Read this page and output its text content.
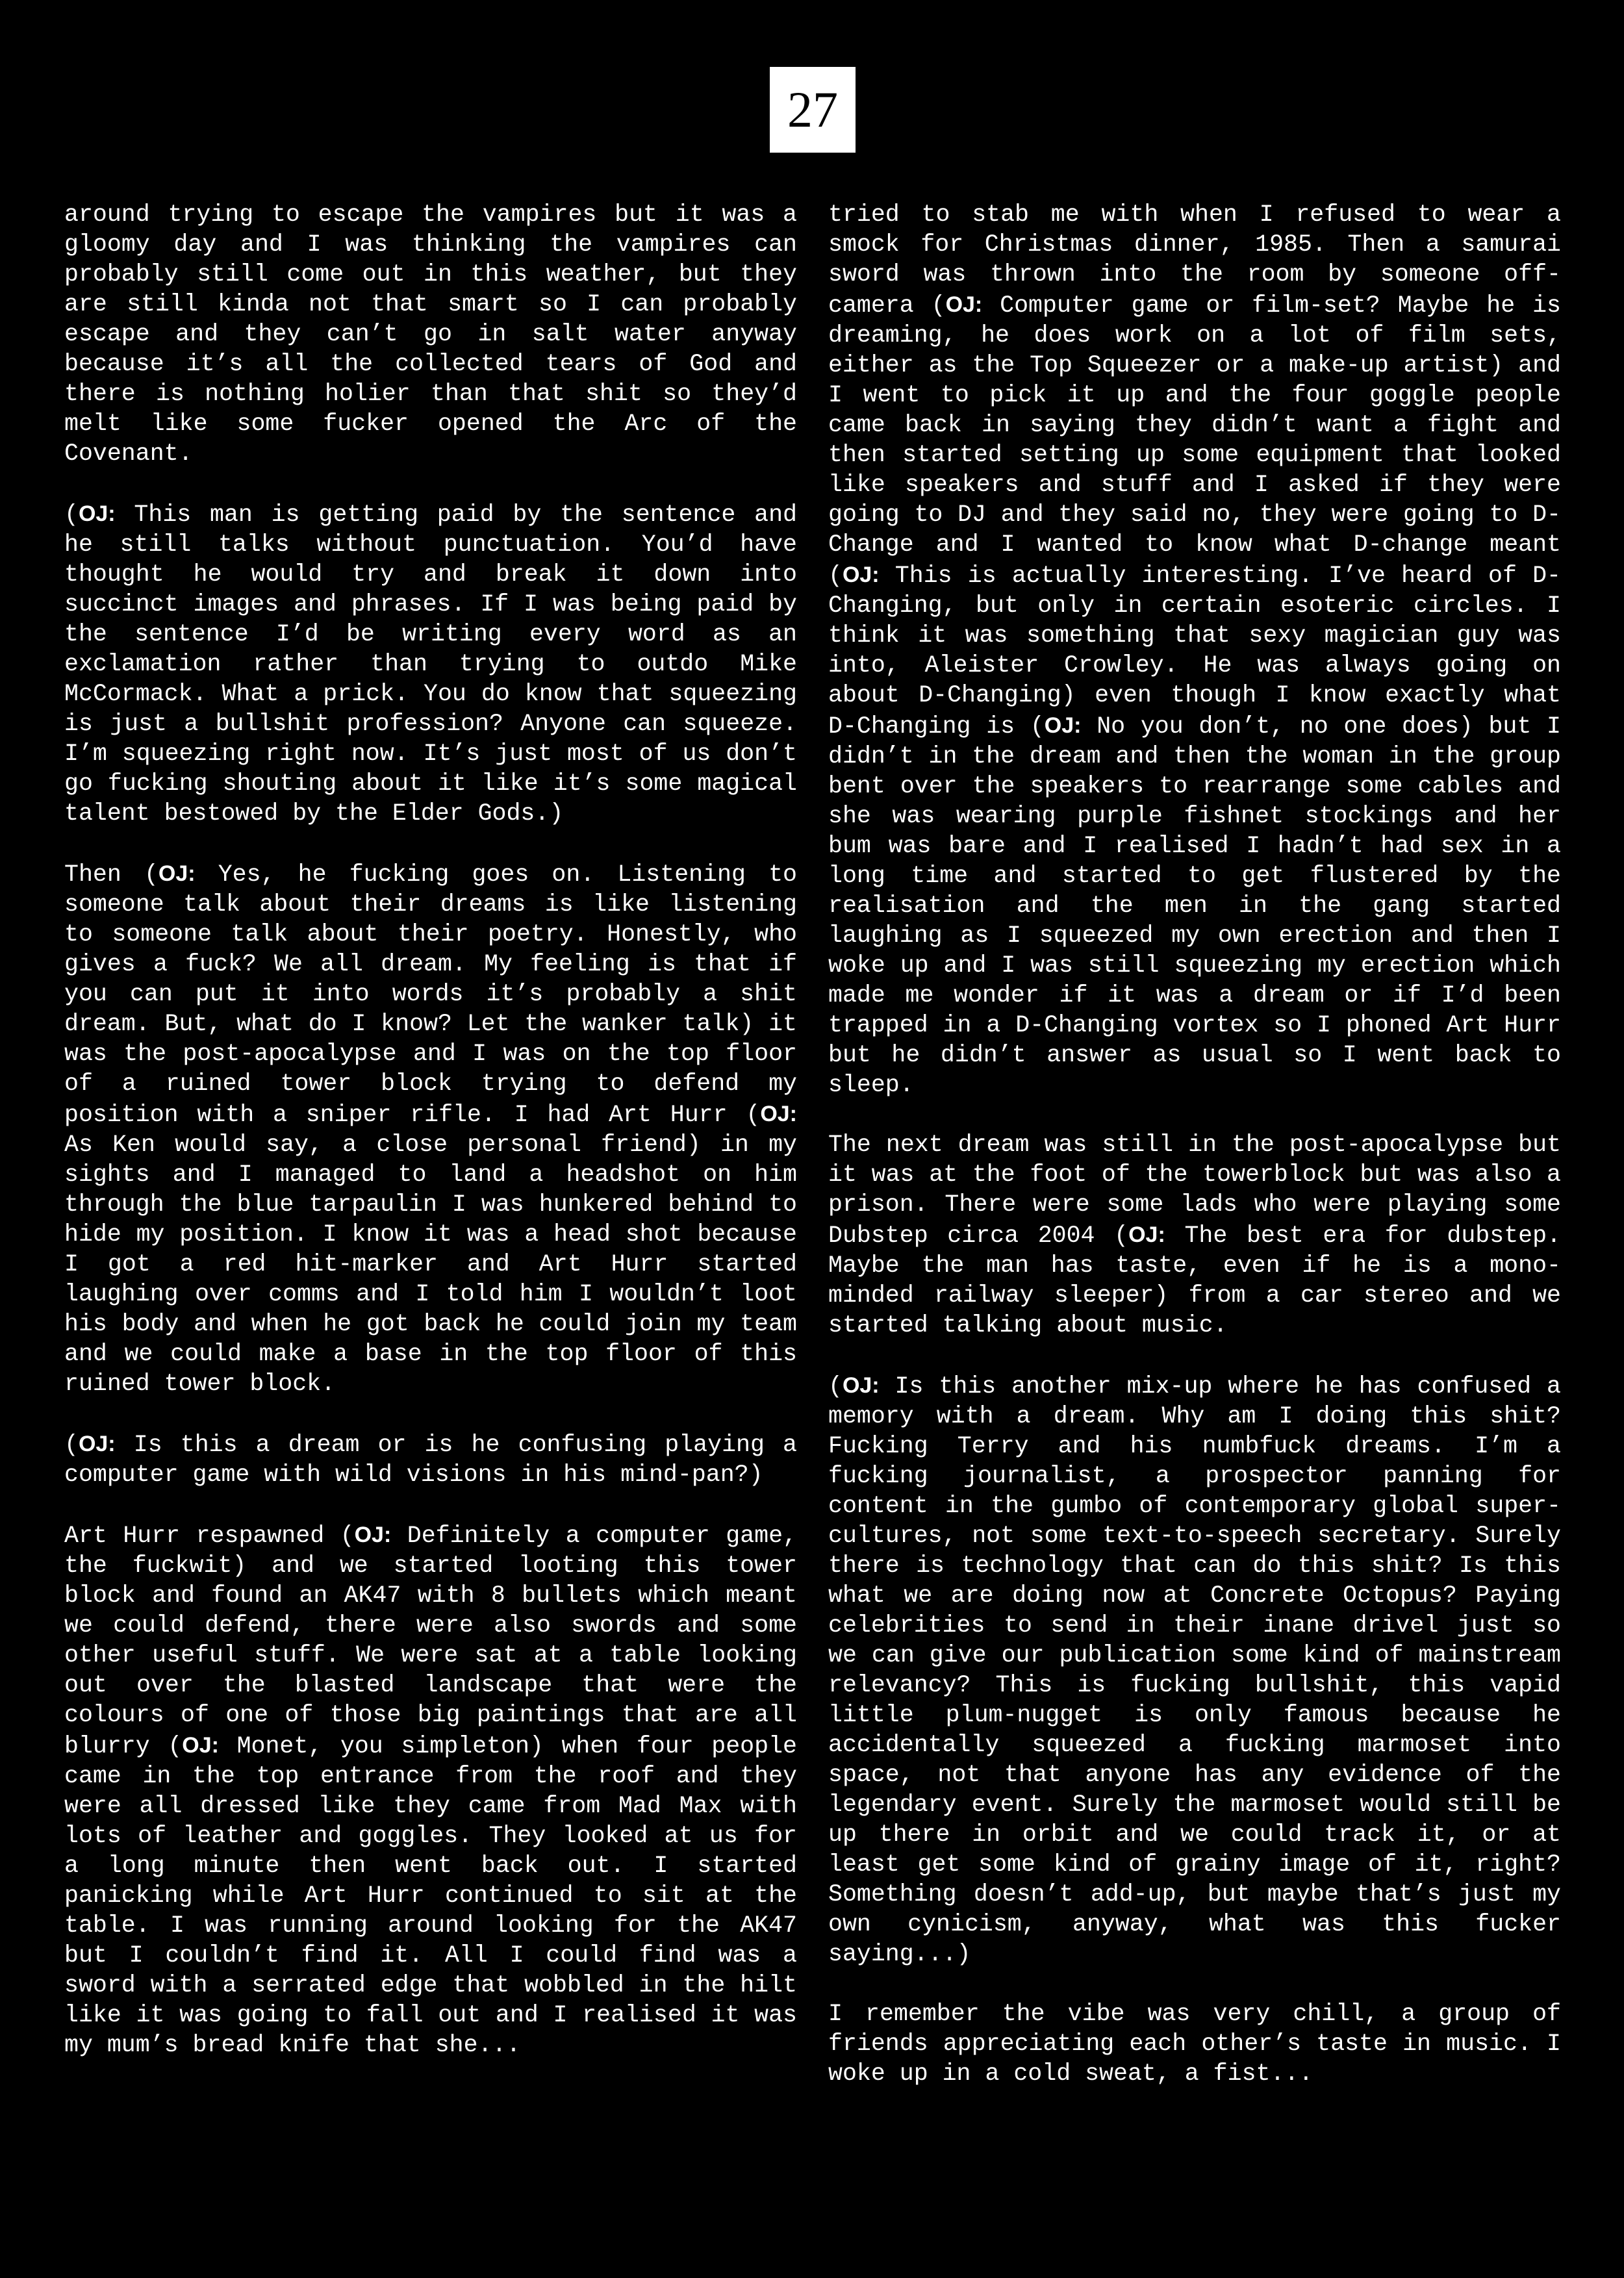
27

around trying to escape the vampires but it was a gloomy day and I was thinking the vampires can probably still come out in this weather, but they are still kinda not that smart so I can probably escape and they can’t go in salt water anyway because it’s all the collected tears of God and there is nothing holier than that shit so they’d melt like some fucker opened the Arc of the Covenant.

(OJ: This man is getting paid by the sentence and he still talks without punctuation. You’d have thought he would try and break it down into succinct images and phrases. If I was being paid by the sentence I’d be writing every word as an exclamation rather than trying to outdo Mike McCormack. What a prick. You do know that squeezing is just a bullshit profession? Anyone can squeeze. I’m squeezing right now. It’s just most of us don’t go fucking shouting about it like it’s some magical talent bestowed by the Elder Gods.)

Then (OJ: Yes, he fucking goes on. Listening to someone talk about their dreams is like listening to someone talk about their poetry. Honestly, who gives a fuck? We all dream. My feeling is that if you can put it into words it’s probably a shit dream. But, what do I know? Let the wanker talk) it was the post-apocalypse and I was on the top floor of a ruined tower block trying to defend my position with a sniper rifle. I had Art Hurr (OJ: As Ken would say, a close personal friend) in my sights and I managed to land a headshot on him through the blue tarpaulin I was hunkered behind to hide my position. I know it was a head shot because I got a red hit-marker and Art Hurr started laughing over comms and I told him I wouldn’t loot his body and when he got back he could join my team and we could make a base in the top floor of this ruined tower block.

(OJ: Is this a dream or is he confusing playing a computer game with wild visions in his mind-pan?)

Art Hurr respawned (OJ: Definitely a computer game, the fuckwit) and we started looting this tower block and found an AK47 with 8 bullets which meant we could defend, there were also swords and some other useful stuff. We were sat at a table looking out over the blasted landscape that were the colours of one of those big paintings that are all blurry (OJ: Monet, you simpleton) when four people came in the top entrance from the roof and they were all dressed like they came from Mad Max with lots of leather and goggles. They looked at us for a long minute then went back out. I started panicking while Art Hurr continued to sit at the table. I was running around looking for the AK47 but I couldn’t find it. All I could find was a sword with a serrated edge that wobbled in the hilt like it was going to fall out and I realised it was my mum’s bread knife that she...

tried to stab me with when I refused to wear a smock for Christmas dinner, 1985. Then a samurai sword was thrown into the room by someone off-camera (OJ: Computer game or film-set? Maybe he is dreaming, he does work on a lot of film sets, either as the Top Squeezer or a make-up artist) and I went to pick it up and the four goggle people came back in saying they didn’t want a fight and then started setting up some equipment that looked like speakers and stuff and I asked if they were going to DJ and they said no, they were going to D-Change and I wanted to know what D-change meant (OJ: This is actually interesting. I’ve heard of D-Changing, but only in certain esoteric circles. I think it was something that sexy magician guy was into, Aleister Crowley. He was always going on about D-Changing) even though I know exactly what D-Changing is (OJ: No you don’t, no one does) but I didn’t in the dream and then the woman in the group bent over the speakers to rearrange some cables and she was wearing purple fishnet stockings and her bum was bare and I realised I hadn’t had sex in a long time and started to get flustered by the realisation and the men in the gang started laughing as I squeezed my own erection and then I woke up and I was still squeezing my erection which made me wonder if it was a dream or if I’d been trapped in a D-Changing vortex so I phoned Art Hurr but he didn’t answer as usual so I went back to sleep.

The next dream was still in the post-apocalypse but it was at the foot of the towerblock but was also a prison. There were some lads who were playing some Dubstep circa 2004 (OJ: The best era for dubstep. Maybe the man has taste, even if he is a mono-minded railway sleeper) from a car stereo and we started talking about music.

(OJ: Is this another mix-up where he has confused a memory with a dream. Why am I doing this shit? Fucking Terry and his numbfuck dreams. I’m a fucking journalist, a prospector panning for content in the gumbo of contemporary global super-cultures, not some text-to-speech secretary. Surely there is technology that can do this shit? Is this what we are doing now at Concrete Octopus? Paying celebrities to send in their inane drivel just so we can give our publication some kind of mainstream relevancy? This is fucking bullshit, this vapid little plum-nugget is only famous because he accidentally squeezed a fucking marmoset into space, not that anyone has any evidence of the legendary event. Surely the marmoset would still be up there in orbit and we could track it, or at least get some kind of grainy image of it, right? Something doesn’t add-up, but maybe that’s just my own cynicism, anyway, what was this fucker saying...)

I remember the vibe was very chill, a group of friends appreciating each other’s taste in music. I woke up in a cold sweat, a fist...
